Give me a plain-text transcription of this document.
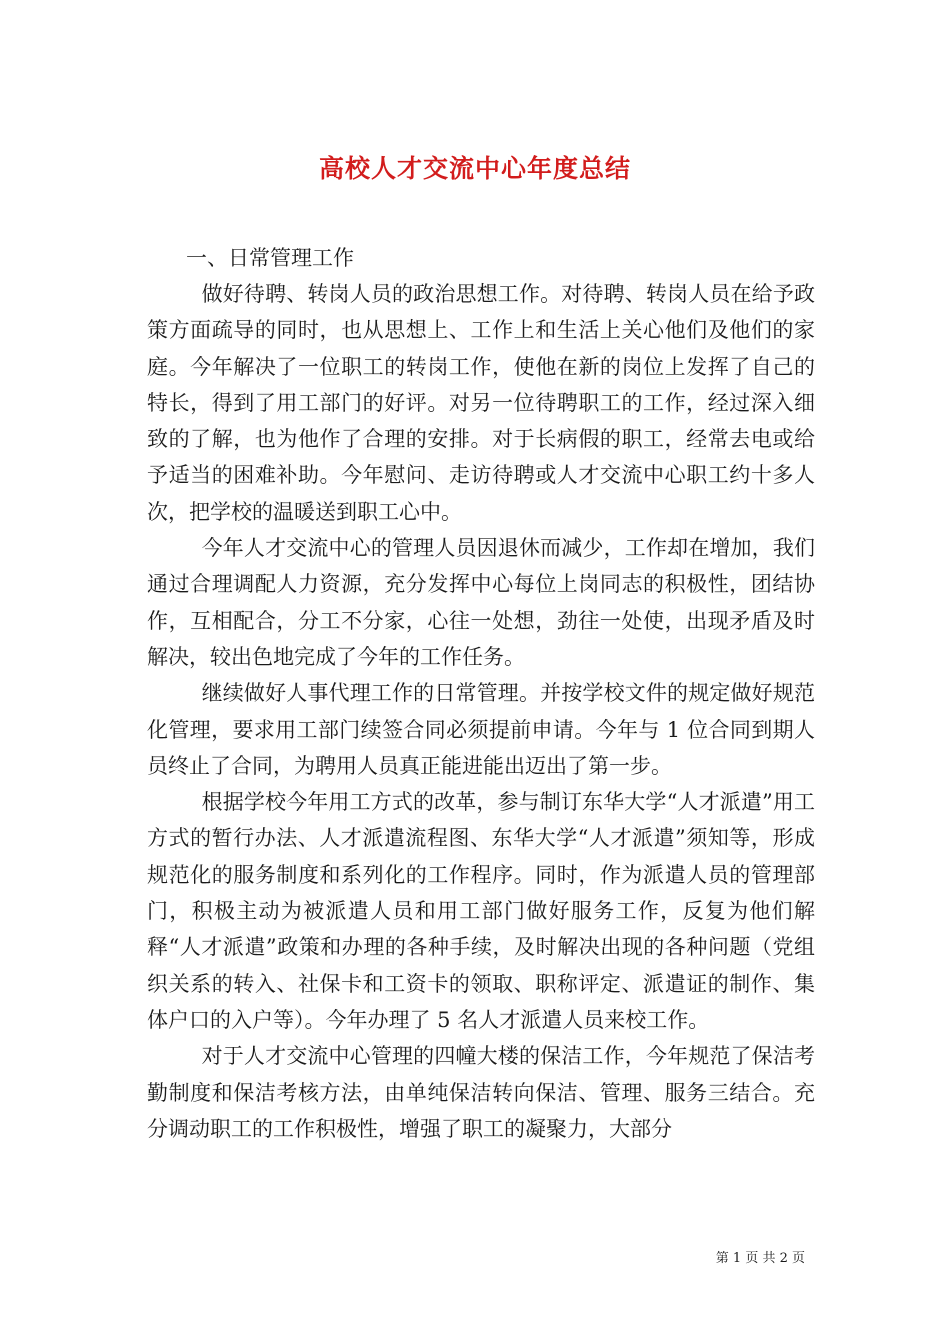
高校人才交流中心年度总结
一、日常管理工作

做好待聘、转岗人员的政治思想工作。对待聘、转岗人员在给予政策方面疏导的同时，也从思想上、工作上和生活上关心他们及他们的家庭。今年解决了一位职工的转岗工作，使他在新的岗位上发挥了自己的特长，得到了用工部门的好评。对另一位待聘职工的工作，经过深入细致的了解，也为他作了合理的安排。对于长病假的职工，经常去电或给予适当的困难补助。今年慰问、走访待聘或人才交流中心职工约十多人次，把学校的温暖送到职工心中。

今年人才交流中心的管理人员因退休而减少，工作却在增加，我们通过合理调配人力资源，充分发挥中心每位上岗同志的积极性，团结协作，互相配合，分工不分家，心往一处想，劲往一处使，出现矛盾及时解决，较出色地完成了今年的工作任务。

继续做好人事代理工作的日常管理。并按学校文件的规定做好规范化管理，要求用工部门续签合同必须提前申请。今年与 1 位合同到期人员终止了合同，为聘用人员真正能进能出迈出了第一步。

根据学校今年用工方式的改革，参与制订东华大学“人才派遣”用工方式的暂行办法、人才派遣流程图、东华大学“人才派遣”须知等，形成规范化的服务制度和系列化的工作程序。同时，作为派遣人员的管理部门，积极主动为被派遣人员和用工部门做好服务工作，反复为他们解释“人才派遣”政策和办理的各种手续，及时解决出现的各种问题（党组织关系的转入、社保卡和工资卡的领取、职称评定、派遣证的制作、集体户口的入户等）。今年办理了 5 名人才派遣人员来校工作。

对于人才交流中心管理的四幢大楼的保洁工作，今年规范了保洁考勤制度和保洁考核方法，由单纯保洁转向保洁、管理、服务三结合。充分调动职工的工作积极性，增强了职工的凝聚力，大部分

第 1 页 共 2 页
